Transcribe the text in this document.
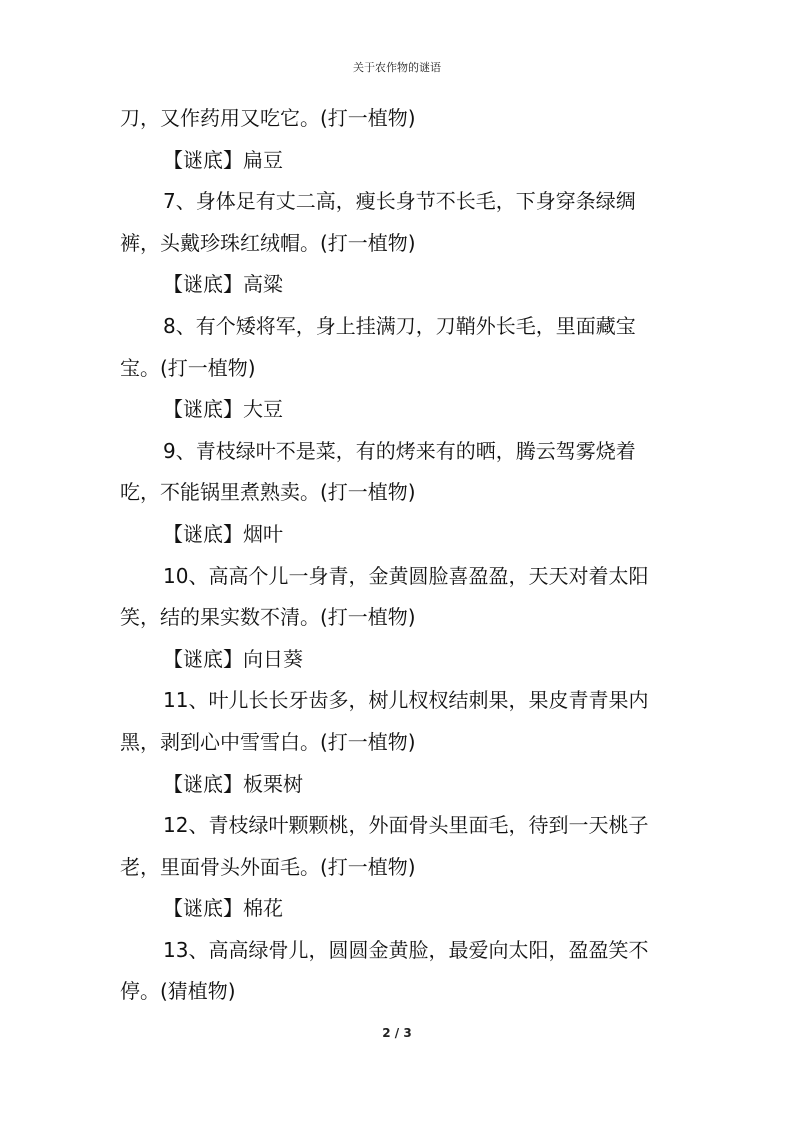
关于农作物的谜语
刀，又作药用又吃它。(打一植物)
【谜底】扁豆
7、身体足有丈二高，瘦长身节不长毛，下身穿条绿绸
裤，头戴珍珠红绒帽。(打一植物)
【谜底】高粱
8、有个矮将军，身上挂满刀，刀鞘外长毛，里面藏宝
宝。(打一植物)
【谜底】大豆
9、青枝绿叶不是菜，有的烤来有的晒，腾云驾雾烧着
吃，不能锅里煮熟卖。(打一植物)
【谜底】烟叶
10、高高个儿一身青，金黄圆脸喜盈盈，天天对着太阳
笑，结的果实数不清。(打一植物)
【谜底】向日葵
11、叶儿长长牙齿多，树儿杈杈结刺果，果皮青青果内
黑，剥到心中雪雪白。(打一植物)
【谜底】板栗树
12、青枝绿叶颗颗桃，外面骨头里面毛，待到一天桃子
老，里面骨头外面毛。(打一植物)
【谜底】棉花
13、高高绿骨儿，圆圆金黄脸，最爱向太阳，盈盈笑不
停。(猜植物)
2 / 3
